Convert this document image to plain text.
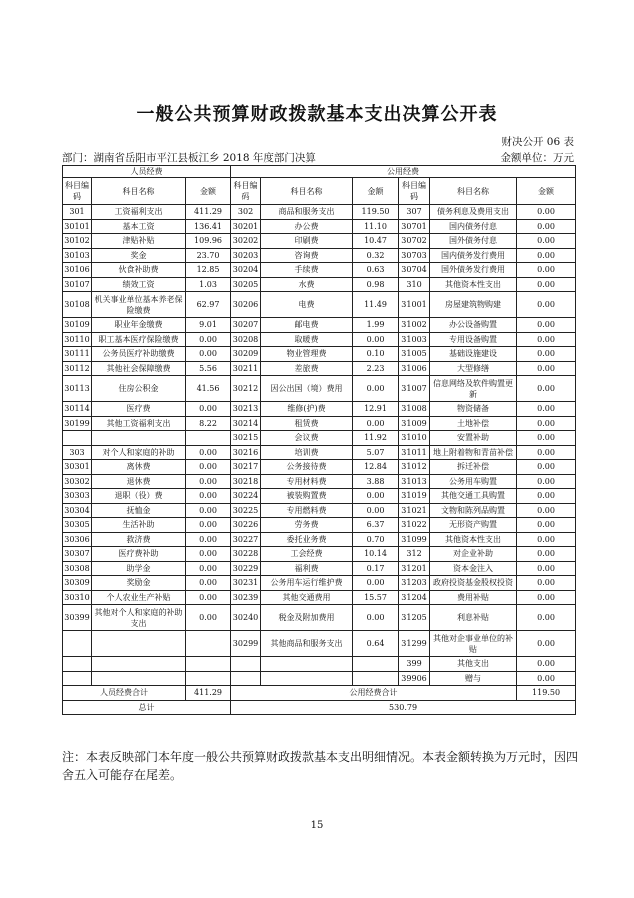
一般公共预算财政拨款基本支出决算公开表
财决公开 06 表
部门：湖南省岳阳市平江县板江乡 2018 年度部门决算	金额单位：万元
人员经费			公用经费					
科目编码	科目名称	金额	科目编码	科目名称	金额	科目编码	科目名称	金额
301	工资福利支出	411.29	302	商品和服务支出	119.50	307	债务利息及费用支出	0.00
30101	基本工资	136.41	30201	办公费	11.10	30701	国内债务付息	0.00
30102	津贴补贴	109.96	30202	印刷费	10.47	30702	国外债务付息	0.00
30103	奖金	23.70	30203	咨询费	0.32	30703	国内债务发行费用	0.00
30106	伙食补助费	12.85	30204	手续费	0.63	30704	国外债务发行费用	0.00
30107	绩效工资	1.03	30205	水费	0.98	310	其他资本性支出	0.00
30108	机关事业单位基本养老保险缴费	62.97	30206	电费	11.49	31001	房屋建筑物购建	0.00
30109	职业年金缴费	9.01	30207	邮电费	1.99	31002	办公设备购置	0.00
30110	职工基本医疗保险缴费	0.00	30208	取暖费	0.00	31003	专用设备购置	0.00
30111	公务员医疗补助缴费	0.00	30209	物业管理费	0.10	31005	基础设施建设	0.00
30112	其他社会保障缴费	5.56	30211	差旅费	2.23	31006	大型修缮	0.00
30113	住房公积金	41.56	30212	因公出国（境）费用	0.00	31007	信息网络及软件购置更新	0.00
30114	医疗费	0.00	30213	维修(护)费	12.91	31008	物资储备	0.00
30199	其他工资福利支出	8.22	30214	租赁费	0.00	31009	土地补偿	0.00
			30215	会议费	11.92	31010	安置补助	0.00
303	对个人和家庭的补助	0.00	30216	培训费	5.07	31011	地上附着物和青苗补偿	0.00
30301	离休费	0.00	30217	公务接待费	12.84	31012	拆迁补偿	0.00
30302	退休费	0.00	30218	专用材料费	3.88	31013	公务用车购置	0.00
30303	退职（役）费	0.00	30224	被装购置费	0.00	31019	其他交通工具购置	0.00
30304	抚恤金	0.00	30225	专用燃料费	0.00	31021	文物和陈列品购置	0.00
30305	生活补助	0.00	30226	劳务费	6.37	31022	无形资产购置	0.00
30306	救济费	0.00	30227	委托业务费	0.70	31099	其他资本性支出	0.00
30307	医疗费补助	0.00	30228	工会经费	10.14	312	对企业补助	0.00
30308	助学金	0.00	30229	福利费	0.17	31201	资本金注入	0.00
30309	奖励金	0.00	30231	公务用车运行维护费	0.00	31203	政府投资基金股权投资	0.00
30310	个人农业生产补贴	0.00	30239	其他交通费用	15.57	31204	费用补贴	0.00
30399	其他对个人和家庭的补助支出	0.00	30240	税金及附加费用	0.00	31205	利息补贴	0.00
			30299	其他商品和服务支出	0.64	31299	其他对企事业单位的补贴	0.00
						399	其他支出	0.00
						39906	赠与	0.00
人员经费合计		411.29	公用经费合计					119.50
总计			530.79					
注：本表反映部门本年度一般公共预算财政拨款基本支出明细情况。本表金额转换为万元时，因四舍五入可能存在尾差。
15
